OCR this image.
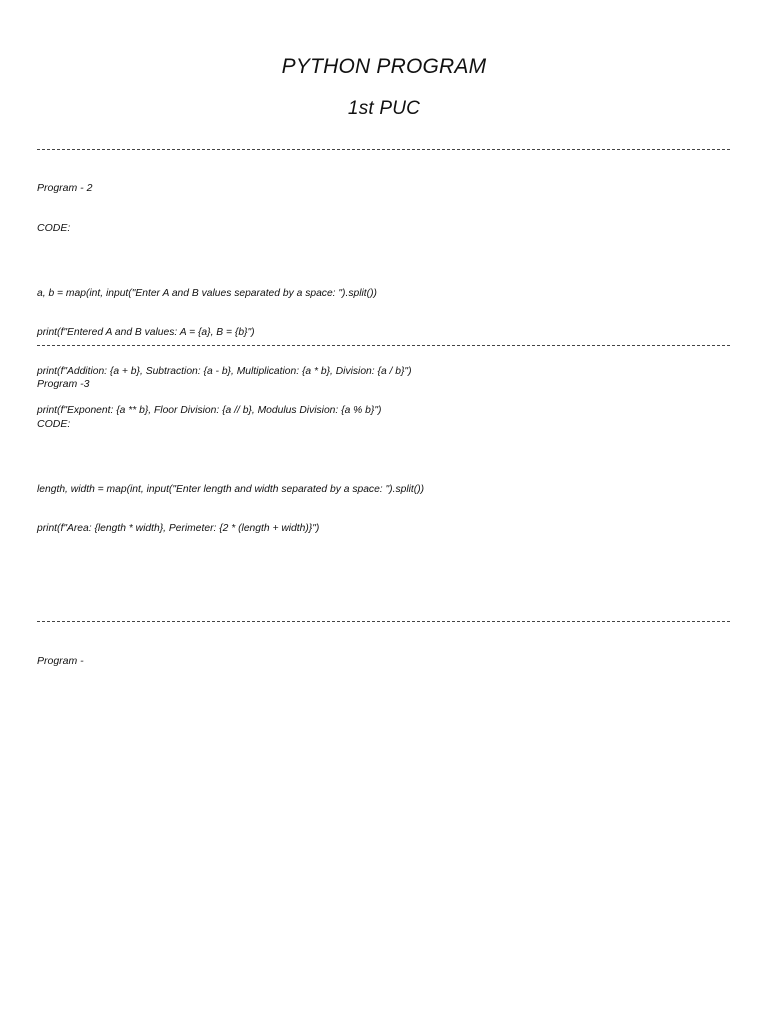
PYTHON PROGRAM
1st PUC

Program - 2

CODE:

a, b = map(int, input("Enter A and B values separated by a space: ").split())

print(f"Entered A and B values: A = {a}, B = {b}")

print(f"Addition: {a + b}, Subtraction: {a - b}, Multiplication: {a * b}, Division: {a / b}")

print(f"Exponent: {a ** b}, Floor Division: {a // b}, Modulus Division: {a % b}")

Program -3

CODE:

length, width = map(int, input("Enter length and width separated by a space: ").split())

print(f"Area: {length * width}, Perimeter: {2 * (length + width)}")

Program -
